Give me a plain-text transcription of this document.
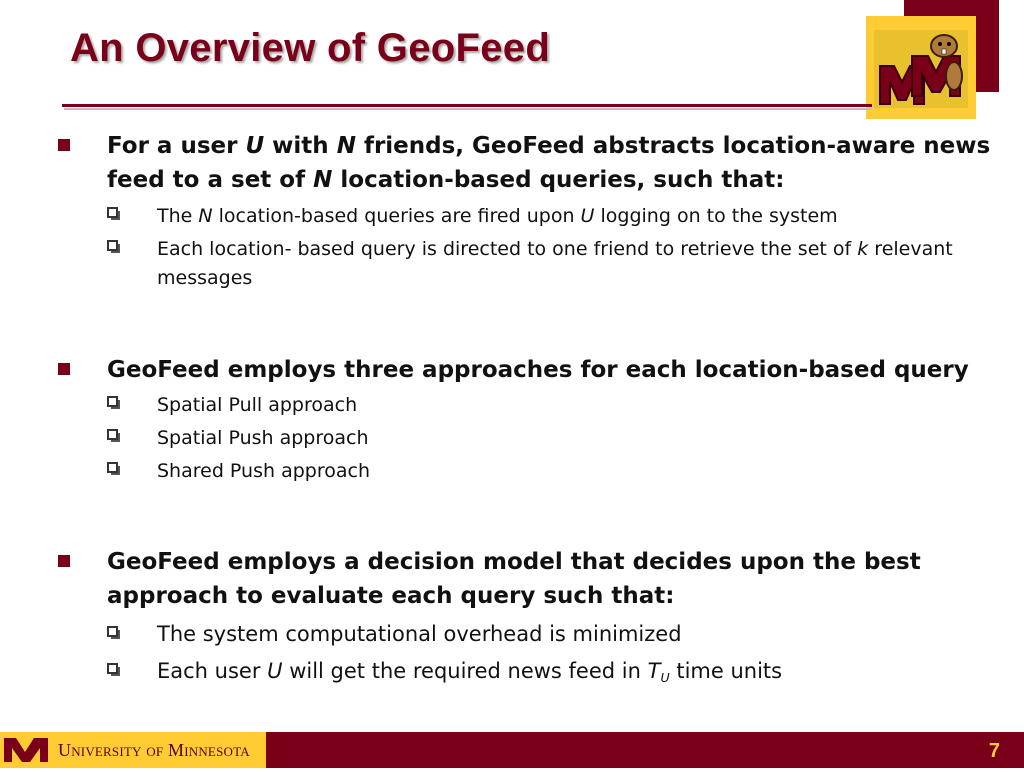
An Overview of GeoFeed
For a user U with N friends, GeoFeed abstracts location-aware news feed to a set of N location-based queries, such that:
The N location-based queries are fired upon U logging on to the system
Each location- based query is directed to one friend to retrieve the set of k relevant messages
GeoFeed employs three approaches for each location-based query
Spatial Pull approach
Spatial Push approach
Shared Push approach
GeoFeed employs a decision model that decides upon the best approach to evaluate each query such that:
The system computational overhead is minimized
Each user U will get the required news feed in $T_U$ time units
University of Minnesota	7
